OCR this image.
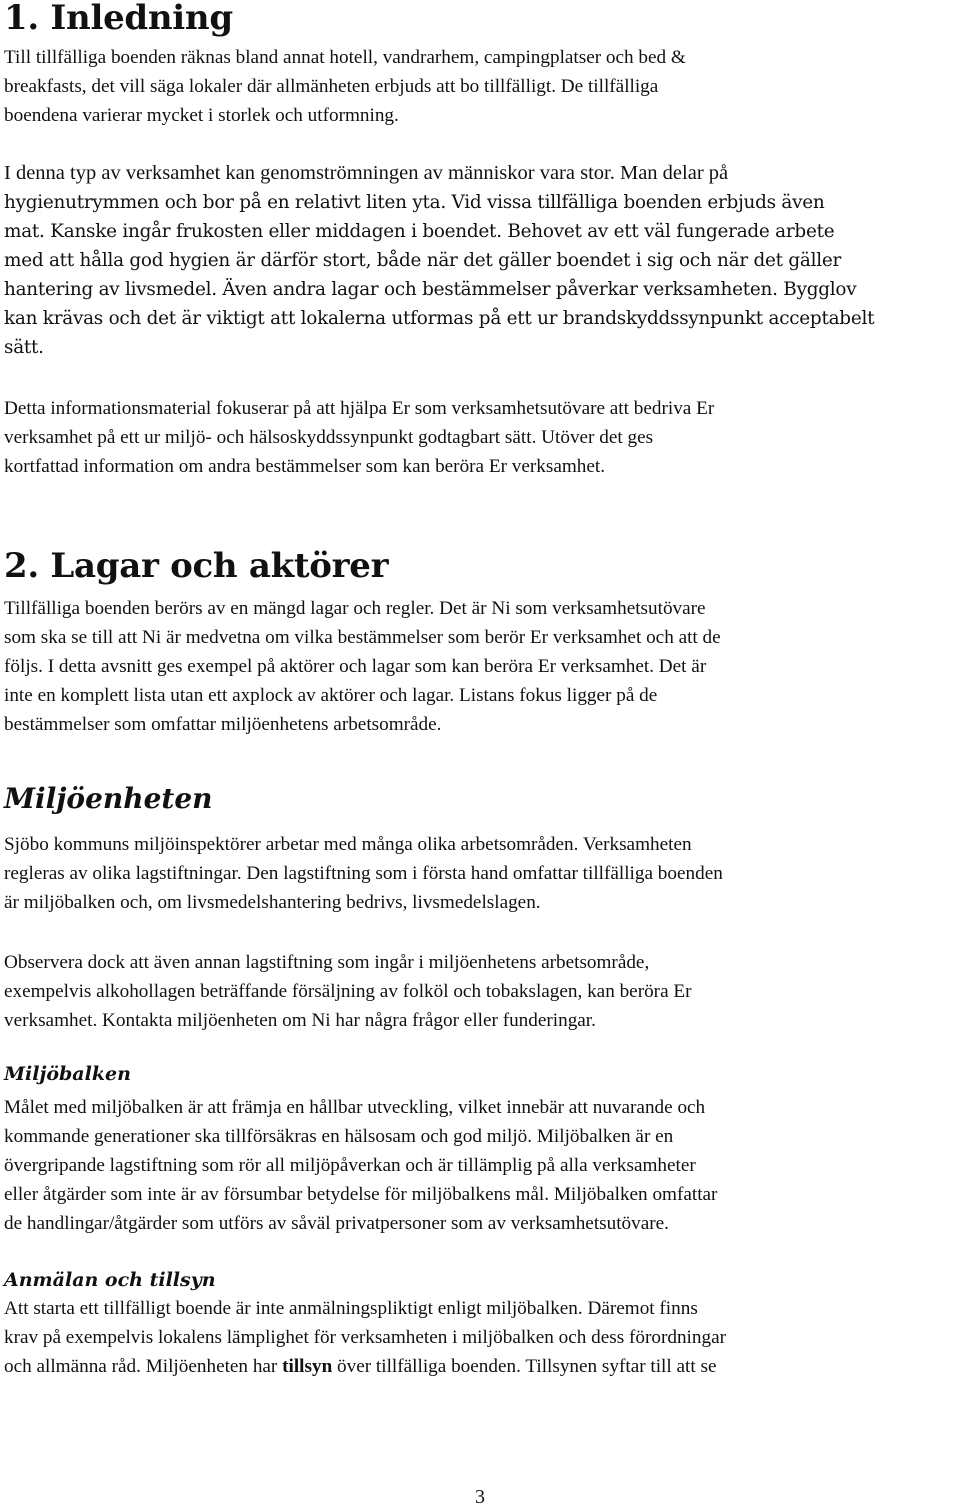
1. Inledning
Till tillfälliga boenden räknas bland annat hotell, vandrarhem, campingplatser och bed &
breakfasts, det vill säga lokaler där allmänheten erbjuds att bo tillfälligt. De tillfälliga
boendena varierar mycket i storlek och utformning.
I denna typ av verksamhet kan genomströmningen av människor vara stor. Man delar på
hygienutrymmen och bor på en relativt liten yta. Vid vissa tillfälliga boenden erbjuds även
mat. Kanske ingår frukosten eller middagen i boendet. Behovet av ett väl fungerade arbete
med att hålla god hygien är därför stort, både när det gäller boendet i sig och när det gäller
hantering av livsmedel. Även andra lagar och bestämmelser påverkar verksamheten. Bygglov
kan krävas och det är viktigt att lokalerna utformas på ett ur brandskyddssynpunkt acceptabelt
sätt.
Detta informationsmaterial fokuserar på att hjälpa Er som verksamhetsutövare att bedriva Er
verksamhet på ett ur miljö- och hälsoskyddssynpunkt godtagbart sätt. Utöver det ges
kortfattad information om andra bestämmelser som kan beröra Er verksamhet.
2. Lagar och aktörer
Tillfälliga boenden berörs av en mängd lagar och regler. Det är Ni som verksamhetsutövare
som ska se till att Ni är medvetna om vilka bestämmelser som berör Er verksamhet och att de
följs. I detta avsnitt ges exempel på aktörer och lagar som kan beröra Er verksamhet. Det är
inte en komplett lista utan ett axplock av aktörer och lagar. Listans fokus ligger på de
bestämmelser som omfattar miljöenhetens arbetsområde.
Miljöenheten
Sjöbo kommuns miljöinspektörer arbetar med många olika arbetsområden. Verksamheten
regleras av olika lagstiftningar. Den lagstiftning som i första hand omfattar tillfälliga boenden
är miljöbalken och, om livsmedelshantering bedrivs, livsmedelslagen.
Observera dock att även annan lagstiftning som ingår i miljöenhetens arbetsområde,
exempelvis alkohollagen beträffande försäljning av folköl och tobakslagen, kan beröra Er
verksamhet. Kontakta miljöenheten om Ni har några frågor eller funderingar.
Miljöbalken
Målet med miljöbalken är att främja en hållbar utveckling, vilket innebär att nuvarande och
kommande generationer ska tillförsäkras en hälsosam och god miljö. Miljöbalken är en
övergripande lagstiftning som rör all miljöpåverkan och är tillämplig på alla verksamheter
eller åtgärder som inte är av försumbar betydelse för miljöbalkens mål. Miljöbalken omfattar
de handlingar/åtgärder som utförs av såväl privatpersoner som av verksamhetsutövare.
Anmälan och tillsyn
Att starta ett tillfälligt boende är inte anmälningspliktigt enligt miljöbalken. Däremot finns
krav på exempelvis lokalens lämplighet för verksamheten i miljöbalken och dess förordningar
och allmänna råd. Miljöenheten har tillsyn över tillfälliga boenden. Tillsynen syftar till att se
3
